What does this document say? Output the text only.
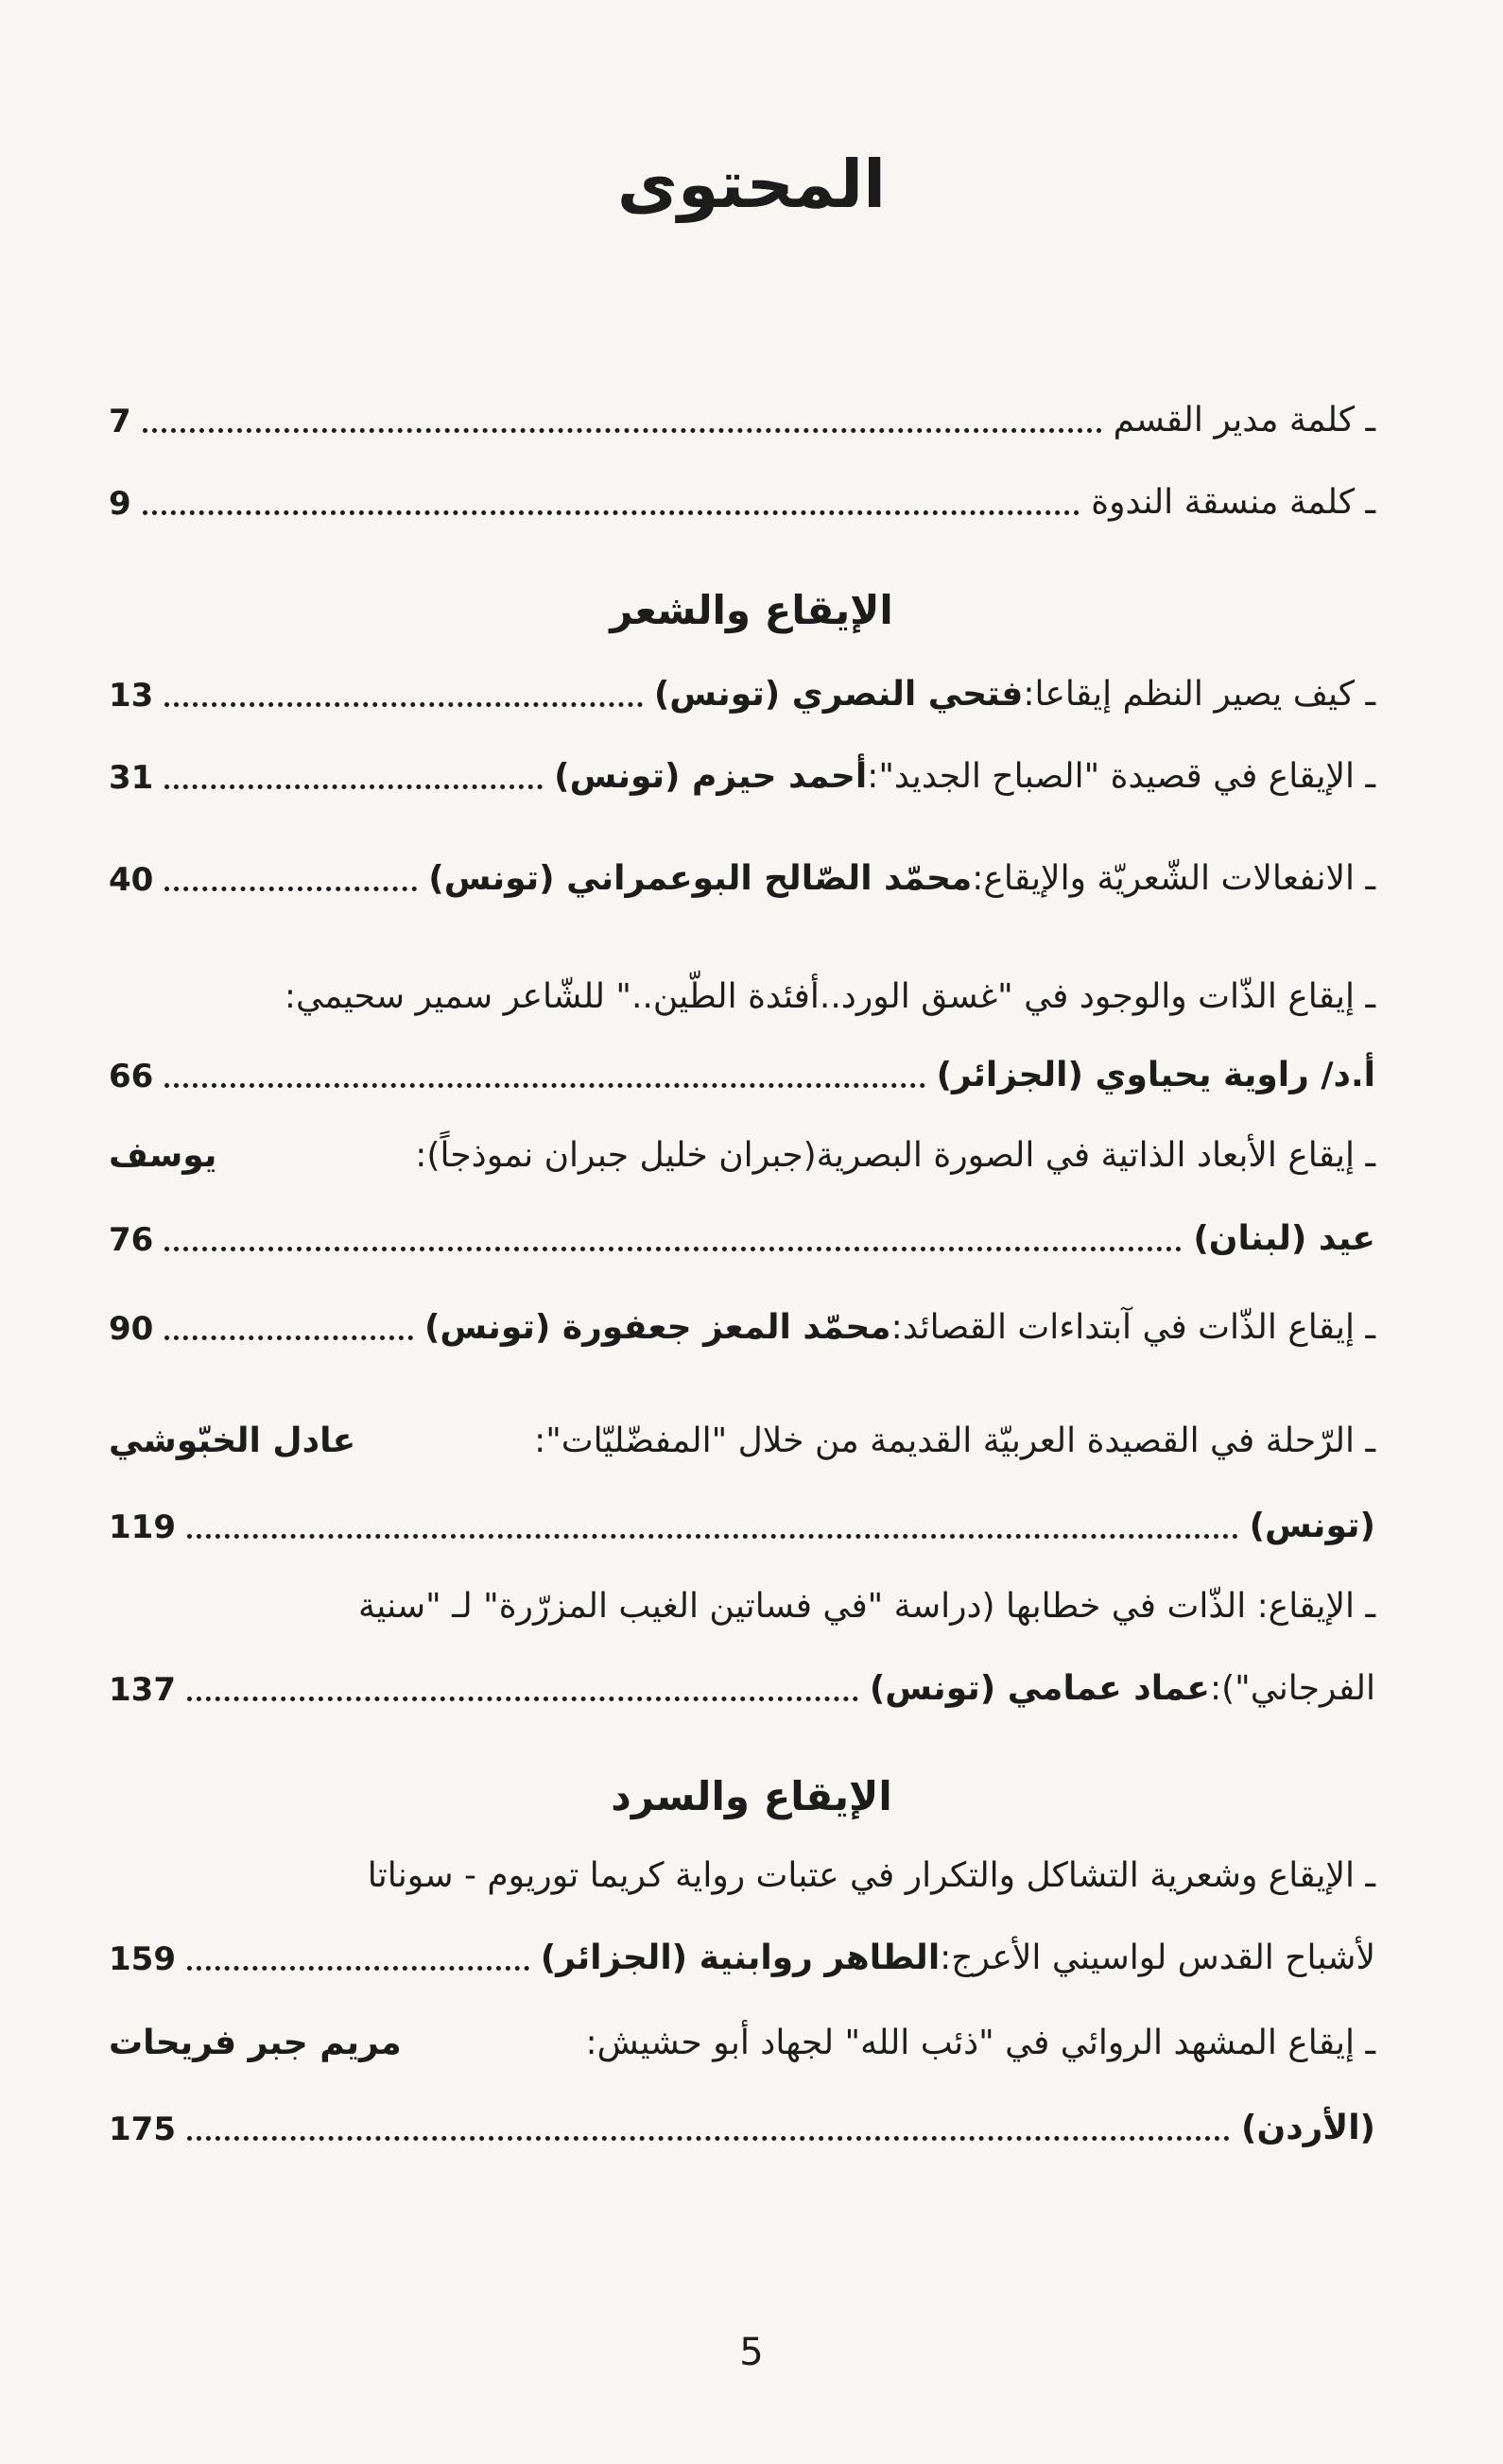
المحتوى
ـ كلمة مدير القسم
7
ـ كلمة منسقة الندوة
9
الإيقاع والشعر
ـ كيف يصير النظم إيقاعا:
فتحي النصري (تونس)
13
ـ الإيقاع في قصيدة "الصباح الجديد":
أحمد حيزم (تونس)
31
ـ الانفعالات الشّعريّة والإيقاع:
محمّد الصّالح البوعمراني (تونس)
40
ـ إيقاع الذّات والوجود في "غسق الورد..أفئدة الطّين.." للشّاعر سمير سحيمي:
أ.د/ راوية يحياوي (الجزائر)
66
ـ إيقاع الأبعاد الذاتية في الصورة البصرية(جبران خليل جبران نموذجاً):
يوسف
عيد (لبنان)
76
ـ إيقاع الذّات في آبتداءات القصائد:
محمّد المعز جعفورة (تونس)
90
ـ الرّحلة في القصيدة العربيّة القديمة من خلال "المفضّليّات":
عادل الخبّوشي
(تونس)
119
ـ الإيقاع: الذّات في خطابها (دراسة "في فساتين الغيب المزرّرة" لـ "سنية
الفرجاني"):
عماد عمامي (تونس)
137
الإيقاع والسرد
ـ الإيقاع وشعرية التشاكل والتكرار في عتبات رواية كريما توريوم - سوناتا
لأشباح القدس لواسيني الأعرج:
الطاهر روابنية (الجزائر)
159
ـ إيقاع المشهد الروائي في "ذئب الله" لجهاد أبو حشيش:
مريم جبر فريحات
(الأردن)
175
5
